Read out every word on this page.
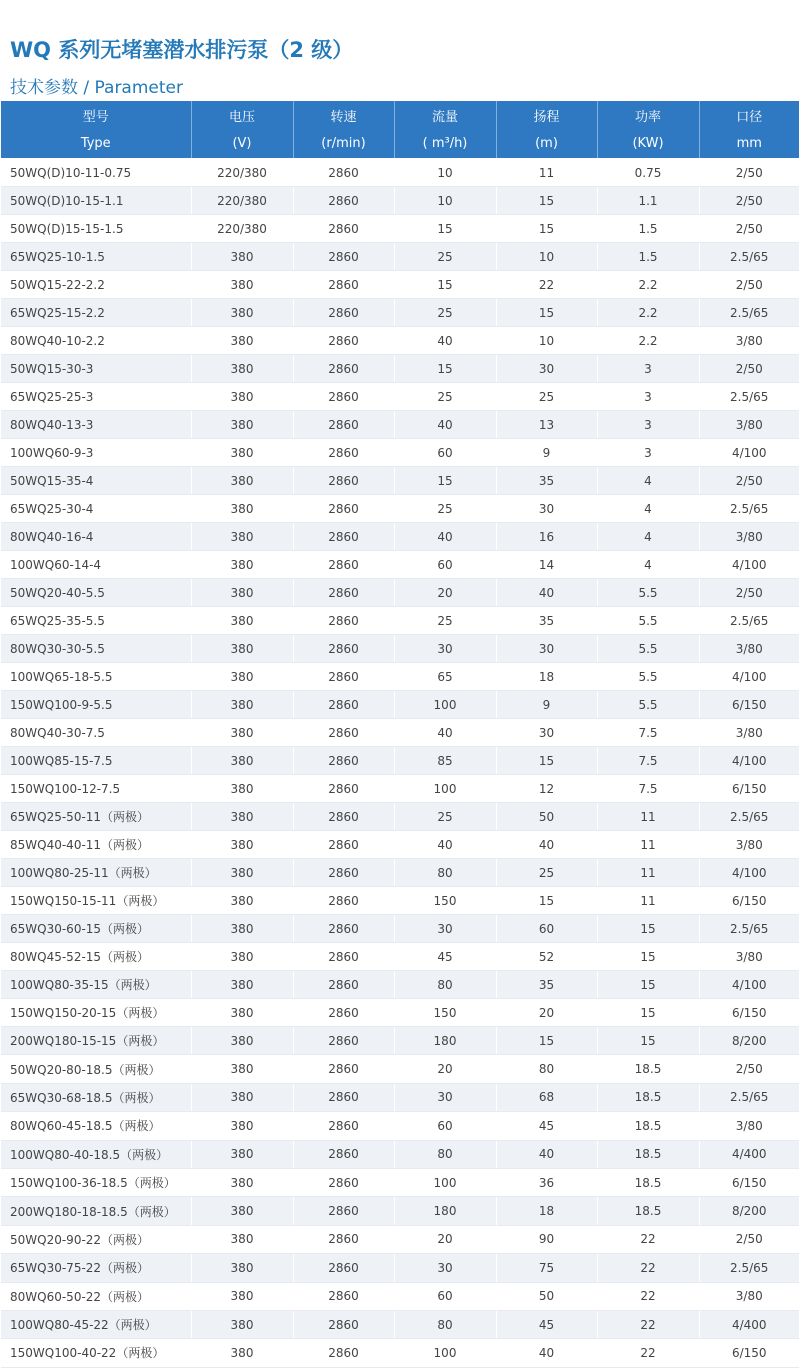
WQ 系列无堵塞潜水排污泵（2 级）
技术参数 / Parameter
型号	电压	转速	流量	扬程	功率	口径
Type	(V)	(r/min)	( m³/h)	(m)	(KW)	mm
50WQ(D)10-11-0.75	220/380	2860	10	11	0.75	2/50
50WQ(D)10-15-1.1	220/380	2860	10	15	1.1	2/50
50WQ(D)15-15-1.5	220/380	2860	15	15	1.5	2/50
65WQ25-10-1.5	380	2860	25	10	1.5	2.5/65
50WQ15-22-2.2	380	2860	15	22	2.2	2/50
65WQ25-15-2.2	380	2860	25	15	2.2	2.5/65
80WQ40-10-2.2	380	2860	40	10	2.2	3/80
50WQ15-30-3	380	2860	15	30	3	2/50
65WQ25-25-3	380	2860	25	25	3	2.5/65
80WQ40-13-3	380	2860	40	13	3	3/80
100WQ60-9-3	380	2860	60	9	3	4/100
50WQ15-35-4	380	2860	15	35	4	2/50
65WQ25-30-4	380	2860	25	30	4	2.5/65
80WQ40-16-4	380	2860	40	16	4	3/80
100WQ60-14-4	380	2860	60	14	4	4/100
50WQ20-40-5.5	380	2860	20	40	5.5	2/50
65WQ25-35-5.5	380	2860	25	35	5.5	2.5/65
80WQ30-30-5.5	380	2860	30	30	5.5	3/80
100WQ65-18-5.5	380	2860	65	18	5.5	4/100
150WQ100-9-5.5	380	2860	100	9	5.5	6/150
80WQ40-30-7.5	380	2860	40	30	7.5	3/80
100WQ85-15-7.5	380	2860	85	15	7.5	4/100
150WQ100-12-7.5	380	2860	100	12	7.5	6/150
65WQ25-50-11（两极）	380	2860	25	50	11	2.5/65
85WQ40-40-11（两极）	380	2860	40	40	11	3/80
100WQ80-25-11（两极）	380	2860	80	25	11	4/100
150WQ150-15-11（两极）	380	2860	150	15	11	6/150
65WQ30-60-15（两极）	380	2860	30	60	15	2.5/65
80WQ45-52-15（两极）	380	2860	45	52	15	3/80
100WQ80-35-15（两极）	380	2860	80	35	15	4/100
150WQ150-20-15（两极）	380	2860	150	20	15	6/150
200WQ180-15-15（两极）	380	2860	180	15	15	8/200
50WQ20-80-18.5（两极）	380	2860	20	80	18.5	2/50
65WQ30-68-18.5（两极）	380	2860	30	68	18.5	2.5/65
80WQ60-45-18.5（两极）	380	2860	60	45	18.5	3/80
100WQ80-40-18.5（两极）	380	2860	80	40	18.5	4/400
150WQ100-36-18.5（两极）	380	2860	100	36	18.5	6/150
200WQ180-18-18.5（两极）	380	2860	180	18	18.5	8/200
50WQ20-90-22（两极）	380	2860	20	90	22	2/50
65WQ30-75-22（两极）	380	2860	30	75	22	2.5/65
80WQ60-50-22（两极）	380	2860	60	50	22	3/80
100WQ80-45-22（两极）	380	2860	80	45	22	4/400
150WQ100-40-22（两极）	380	2860	100	40	22	6/150
